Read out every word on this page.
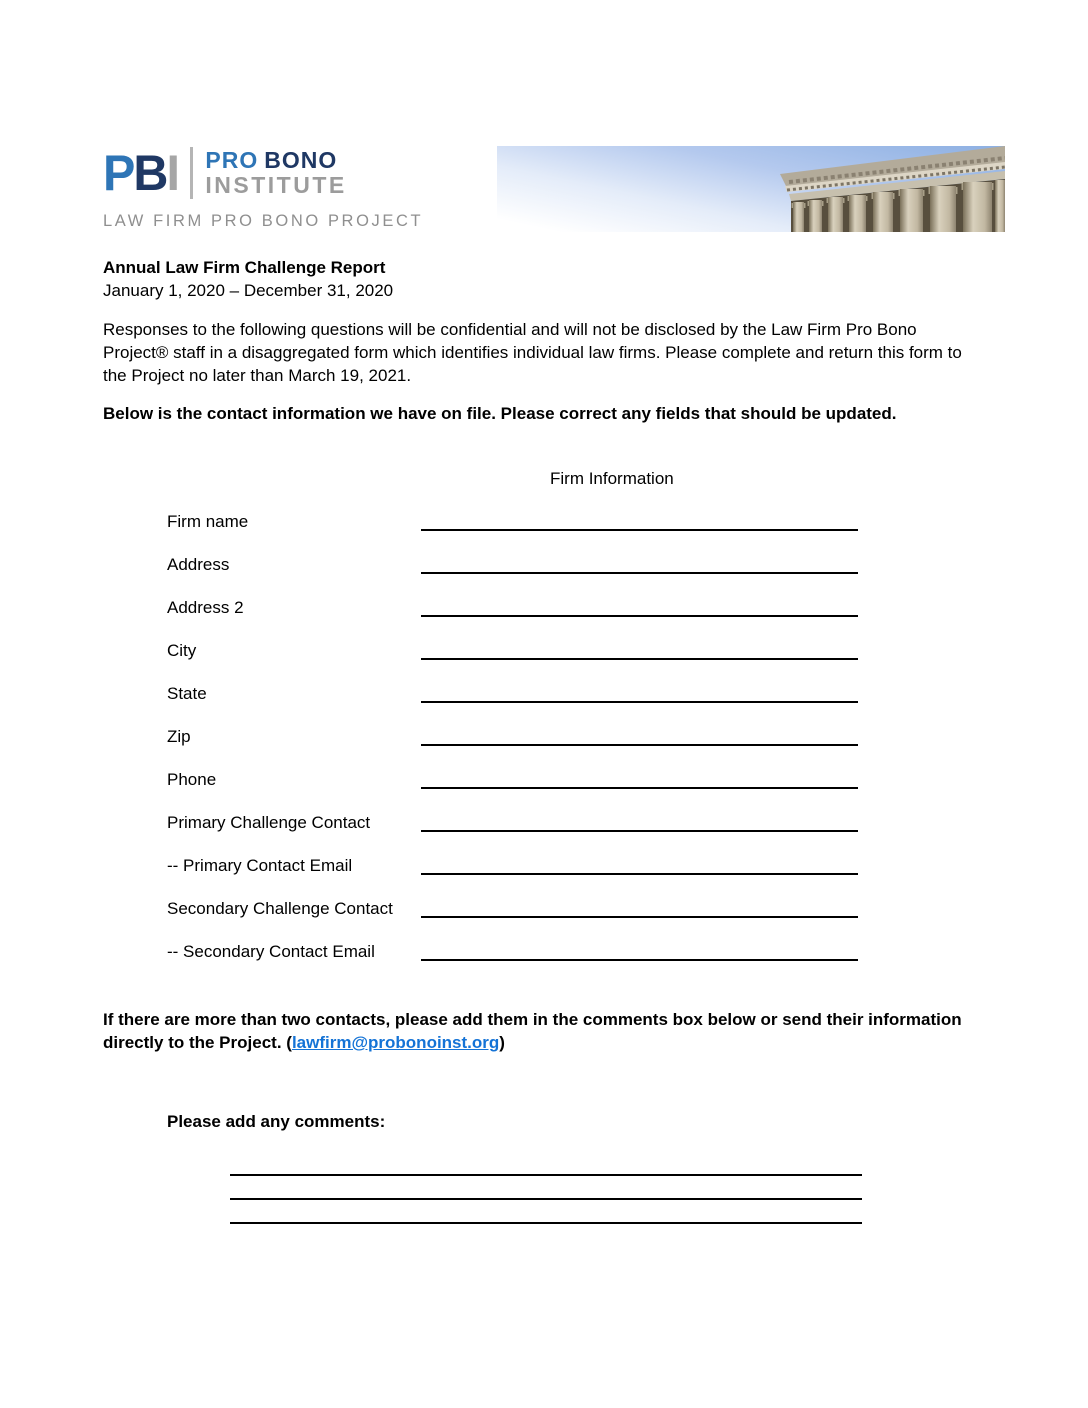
PBI PRO BONO
INSTITUTE
LAW FIRM PRO BONO PROJECT
Annual Law Firm Challenge Report
January 1, 2020 – December 31, 2020
Responses to the following questions will be confidential and will not be disclosed by the Law Firm Pro Bono Project® staff in a disaggregated form which identifies individual law firms. Please complete and return this form to the Project no later than March 19, 2021.
Below is the contact information we have on file. Please correct any fields that should be updated.
Firm Information
Firm name
Address
Address 2
City
State
Zip
Phone
Primary Challenge Contact
-- Primary Contact Email
Secondary Challenge Contact
-- Secondary Contact Email
If there are more than two contacts, please add them in the comments box below or send their information directly to the Project. (lawfirm@probonoinst.org)
Please add any comments:
